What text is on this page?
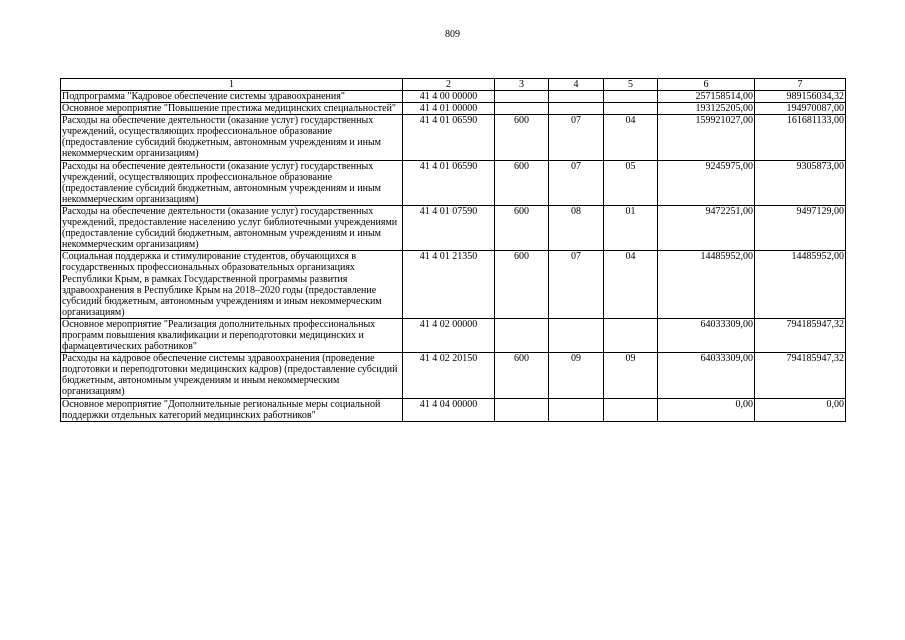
809
1	2	3	4	5	6	7
Подпрограмма "Кадровое обеспечение системы здравоохранения"	41 4 00 00000				257158514,00	989156034,32
Основное мероприятие "Повышение престижа медицинских специальностей"	41 4 01 00000				193125205,00	194970087,00
Расходы на обеспечение деятельности (оказание услуг) государственных учреждений, осуществляющих профессиональное образование (предоставление субсидий бюджетным, автономным учреждениям и иным некоммерческим организациям)	41 4 01 06590	600	07	04	159921027,00	161681133,00
Расходы на обеспечение деятельности (оказание услуг) государственных учреждений, осуществляющих профессиональное образование (предоставление субсидий бюджетным, автономным учреждениям и иным некоммерческим организациям)	41 4 01 06590	600	07	05	9245975,00	9305873,00
Расходы на обеспечение деятельности (оказание услуг) государственных учреждений, предоставление населению услуг библиотечными учреждениями (предоставление субсидий бюджетным, автономным учреждениям и иным некоммерческим организациям)	41 4 01 07590	600	08	01	9472251,00	9497129,00
Социальная поддержка и стимулирование студентов, обучающихся в государственных профессиональных образовательных организациях Республики Крым, в рамках Государственной программы развития здравоохранения в Республике Крым на 2018–2020 годы (предоставление субсидий бюджетным, автономным учреждениям и иным некоммерческим организациям)	41 4 01 21350	600	07	04	14485952,00	14485952,00
Основное мероприятие "Реализация дополнительных профессиональных программ повышения квалификации и переподготовки медицинских и фармацевтических работников"	41 4 02 00000				64033309,00	794185947,32
Расходы на кадровое обеспечение системы здравоохранения (проведение подготовки и переподготовки медицинских кадров) (предоставление субсидий бюджетным, автономным учреждениям и иным некоммерческим организациям)	41 4 02 20150	600	09	09	64033309,00	794185947,32
Основное мероприятие "Дополнительные региональные меры социальной поддержки отдельных категорий медицинских работников"	41 4 04 00000				0,00	0,00
